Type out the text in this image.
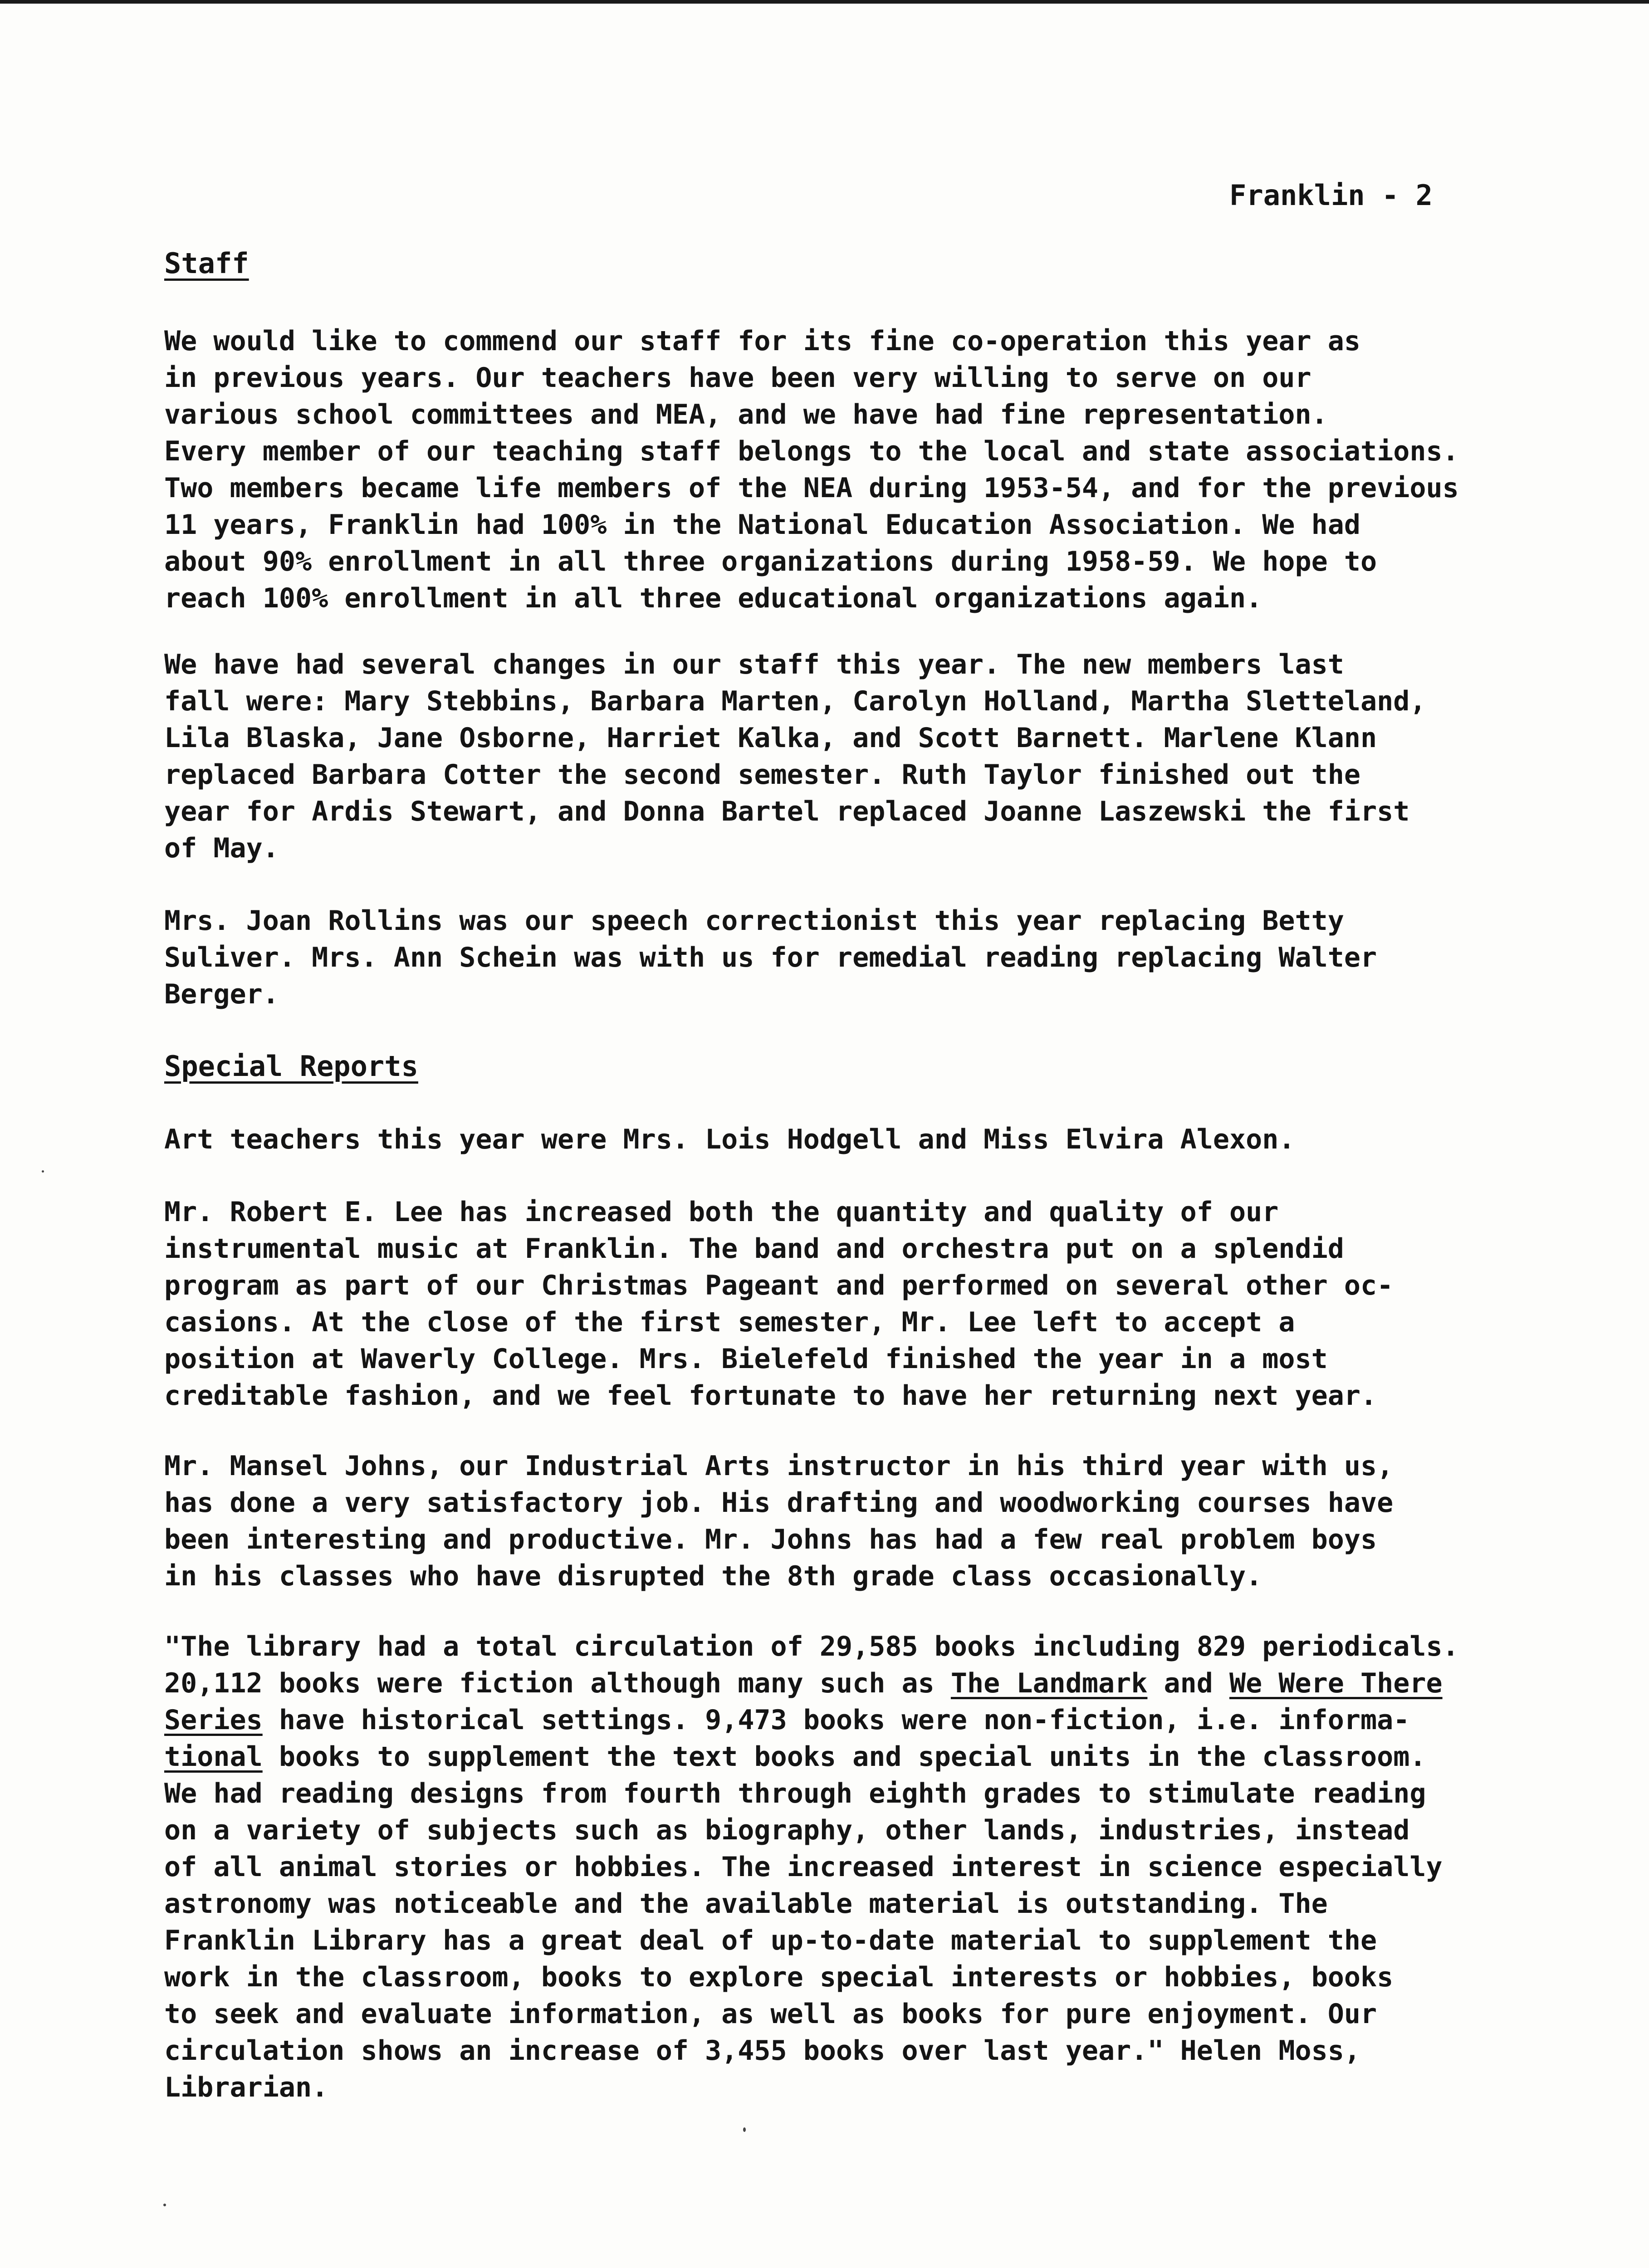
Franklin - 2
Staff
We would like to commend our staff for its fine co-operation this year as
in previous years. Our teachers have been very willing to serve on our
various school committees and MEA, and we have had fine representation.
Every member of our teaching staff belongs to the local and state associations.
Two members became life members of the NEA during 1953-54, and for the previous
11 years, Franklin had 100% in the National Education Association. We had
about 90% enrollment in all three organizations during 1958-59. We hope to
reach 100% enrollment in all three educational organizations again.
We have had several changes in our staff this year. The new members last
fall were: Mary Stebbins, Barbara Marten, Carolyn Holland, Martha Sletteland,
Lila Blaska, Jane Osborne, Harriet Kalka, and Scott Barnett. Marlene Klann
replaced Barbara Cotter the second semester. Ruth Taylor finished out the
year for Ardis Stewart, and Donna Bartel replaced Joanne Laszewski the first
of May.
Mrs. Joan Rollins was our speech correctionist this year replacing Betty
Suliver. Mrs. Ann Schein was with us for remedial reading replacing Walter
Berger.
Special Reports
Art teachers this year were Mrs. Lois Hodgell and Miss Elvira Alexon.
Mr. Robert E. Lee has increased both the quantity and quality of our
instrumental music at Franklin. The band and orchestra put on a splendid
program as part of our Christmas Pageant and performed on several other oc-
casions. At the close of the first semester, Mr. Lee left to accept a
position at Waverly College. Mrs. Bielefeld finished the year in a most
creditable fashion, and we feel fortunate to have her returning next year.
Mr. Mansel Johns, our Industrial Arts instructor in his third year with us,
has done a very satisfactory job. His drafting and woodworking courses have
been interesting and productive. Mr. Johns has had a few real problem boys
in his classes who have disrupted the 8th grade class occasionally.
"The library had a total circulation of 29,585 books including 829 periodicals.
20,112 books were fiction although many such as The Landmark and We Were There
Series have historical settings. 9,473 books were non-fiction, i.e. informa-
tional books to supplement the text books and special units in the classroom.
We had reading designs from fourth through eighth grades to stimulate reading
on a variety of subjects such as biography, other lands, industries, instead
of all animal stories or hobbies. The increased interest in science especially
astronomy was noticeable and the available material is outstanding. The
Franklin Library has a great deal of up-to-date material to supplement the
work in the classroom, books to explore special interests or hobbies, books
to seek and evaluate information, as well as books for pure enjoyment. Our
circulation shows an increase of 3,455 books over last year." Helen Moss,
Librarian.
